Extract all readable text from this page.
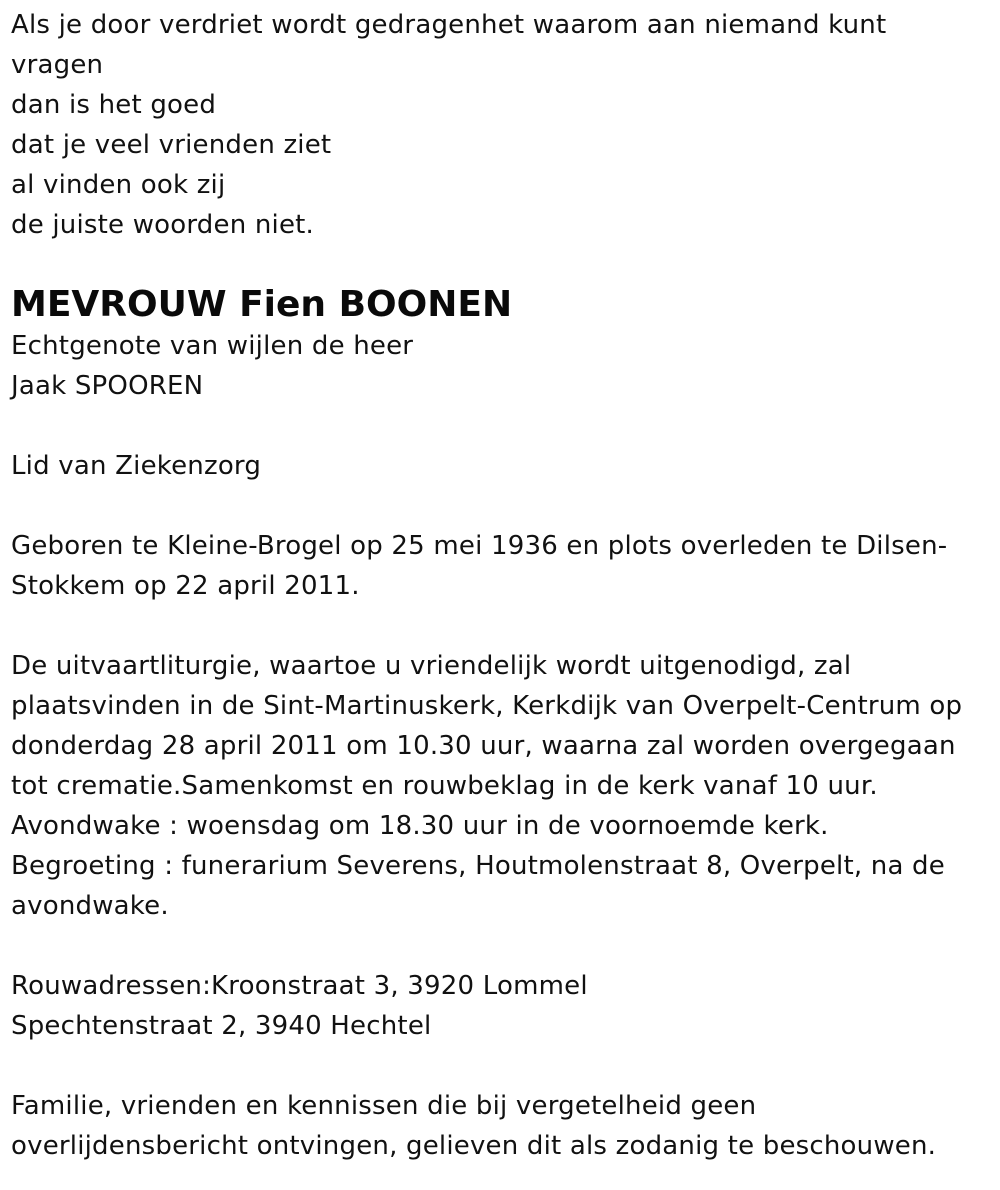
Als je door verdriet wordt gedragenhet waarom aan niemand kunt
vragen
dan is het goed
dat je veel vrienden ziet
al vinden ook zij
de juiste woorden niet.
MEVROUW Fien BOONEN
Echtgenote van wijlen de heer
Jaak SPOOREN
Lid van Ziekenzorg
Geboren te Kleine-Brogel op 25 mei 1936 en plots overleden te Dilsen-
Stokkem op 22 april 2011.
De uitvaartliturgie, waartoe u vriendelijk wordt uitgenodigd, zal
plaatsvinden in de Sint-Martinuskerk, Kerkdijk van Overpelt-Centrum op
donderdag 28 april 2011 om 10.30 uur, waarna zal worden overgegaan
tot crematie.Samenkomst en rouwbeklag in de kerk vanaf 10 uur.
Avondwake : woensdag om 18.30 uur in de voornoemde kerk.
Begroeting : funerarium Severens, Houtmolenstraat 8, Overpelt, na de
avondwake.
Rouwadressen:Kroonstraat 3, 3920 Lommel
Spechtenstraat 2, 3940 Hechtel
Familie, vrienden en kennissen die bij vergetelheid geen
overlijdensbericht ontvingen, gelieven dit als zodanig te beschouwen.
